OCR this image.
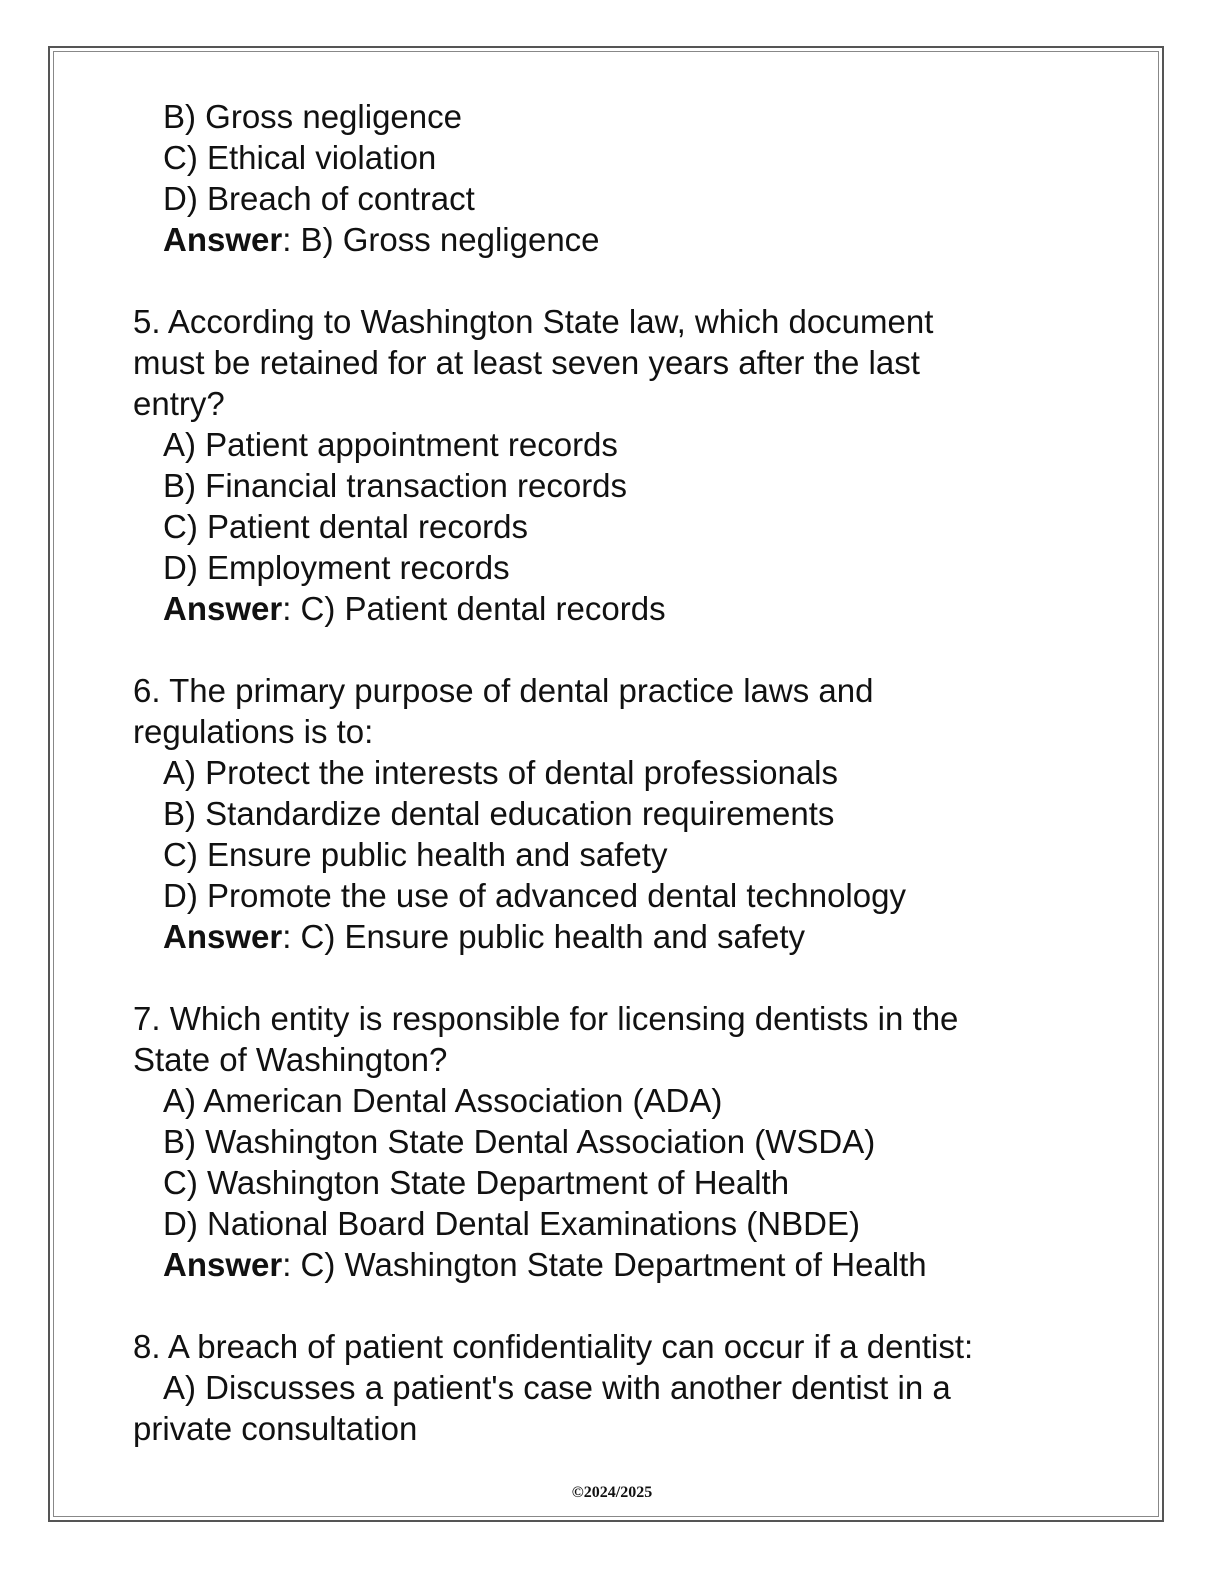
B) Gross negligence
C) Ethical violation
D) Breach of contract
Answer: B) Gross negligence
5. According to Washington State law, which document
must be retained for at least seven years after the last
entry?
A) Patient appointment records
B) Financial transaction records
C) Patient dental records
D) Employment records
Answer: C) Patient dental records
6. The primary purpose of dental practice laws and
regulations is to:
A) Protect the interests of dental professionals
B) Standardize dental education requirements
C) Ensure public health and safety
D) Promote the use of advanced dental technology
Answer: C) Ensure public health and safety
7. Which entity is responsible for licensing dentists in the
State of Washington?
A) American Dental Association (ADA)
B) Washington State Dental Association (WSDA)
C) Washington State Department of Health
D) National Board Dental Examinations (NBDE)
Answer: C) Washington State Department of Health
8. A breach of patient confidentiality can occur if a dentist:
A) Discusses a patient's case with another dentist in a
private consultation
©2024/2025
